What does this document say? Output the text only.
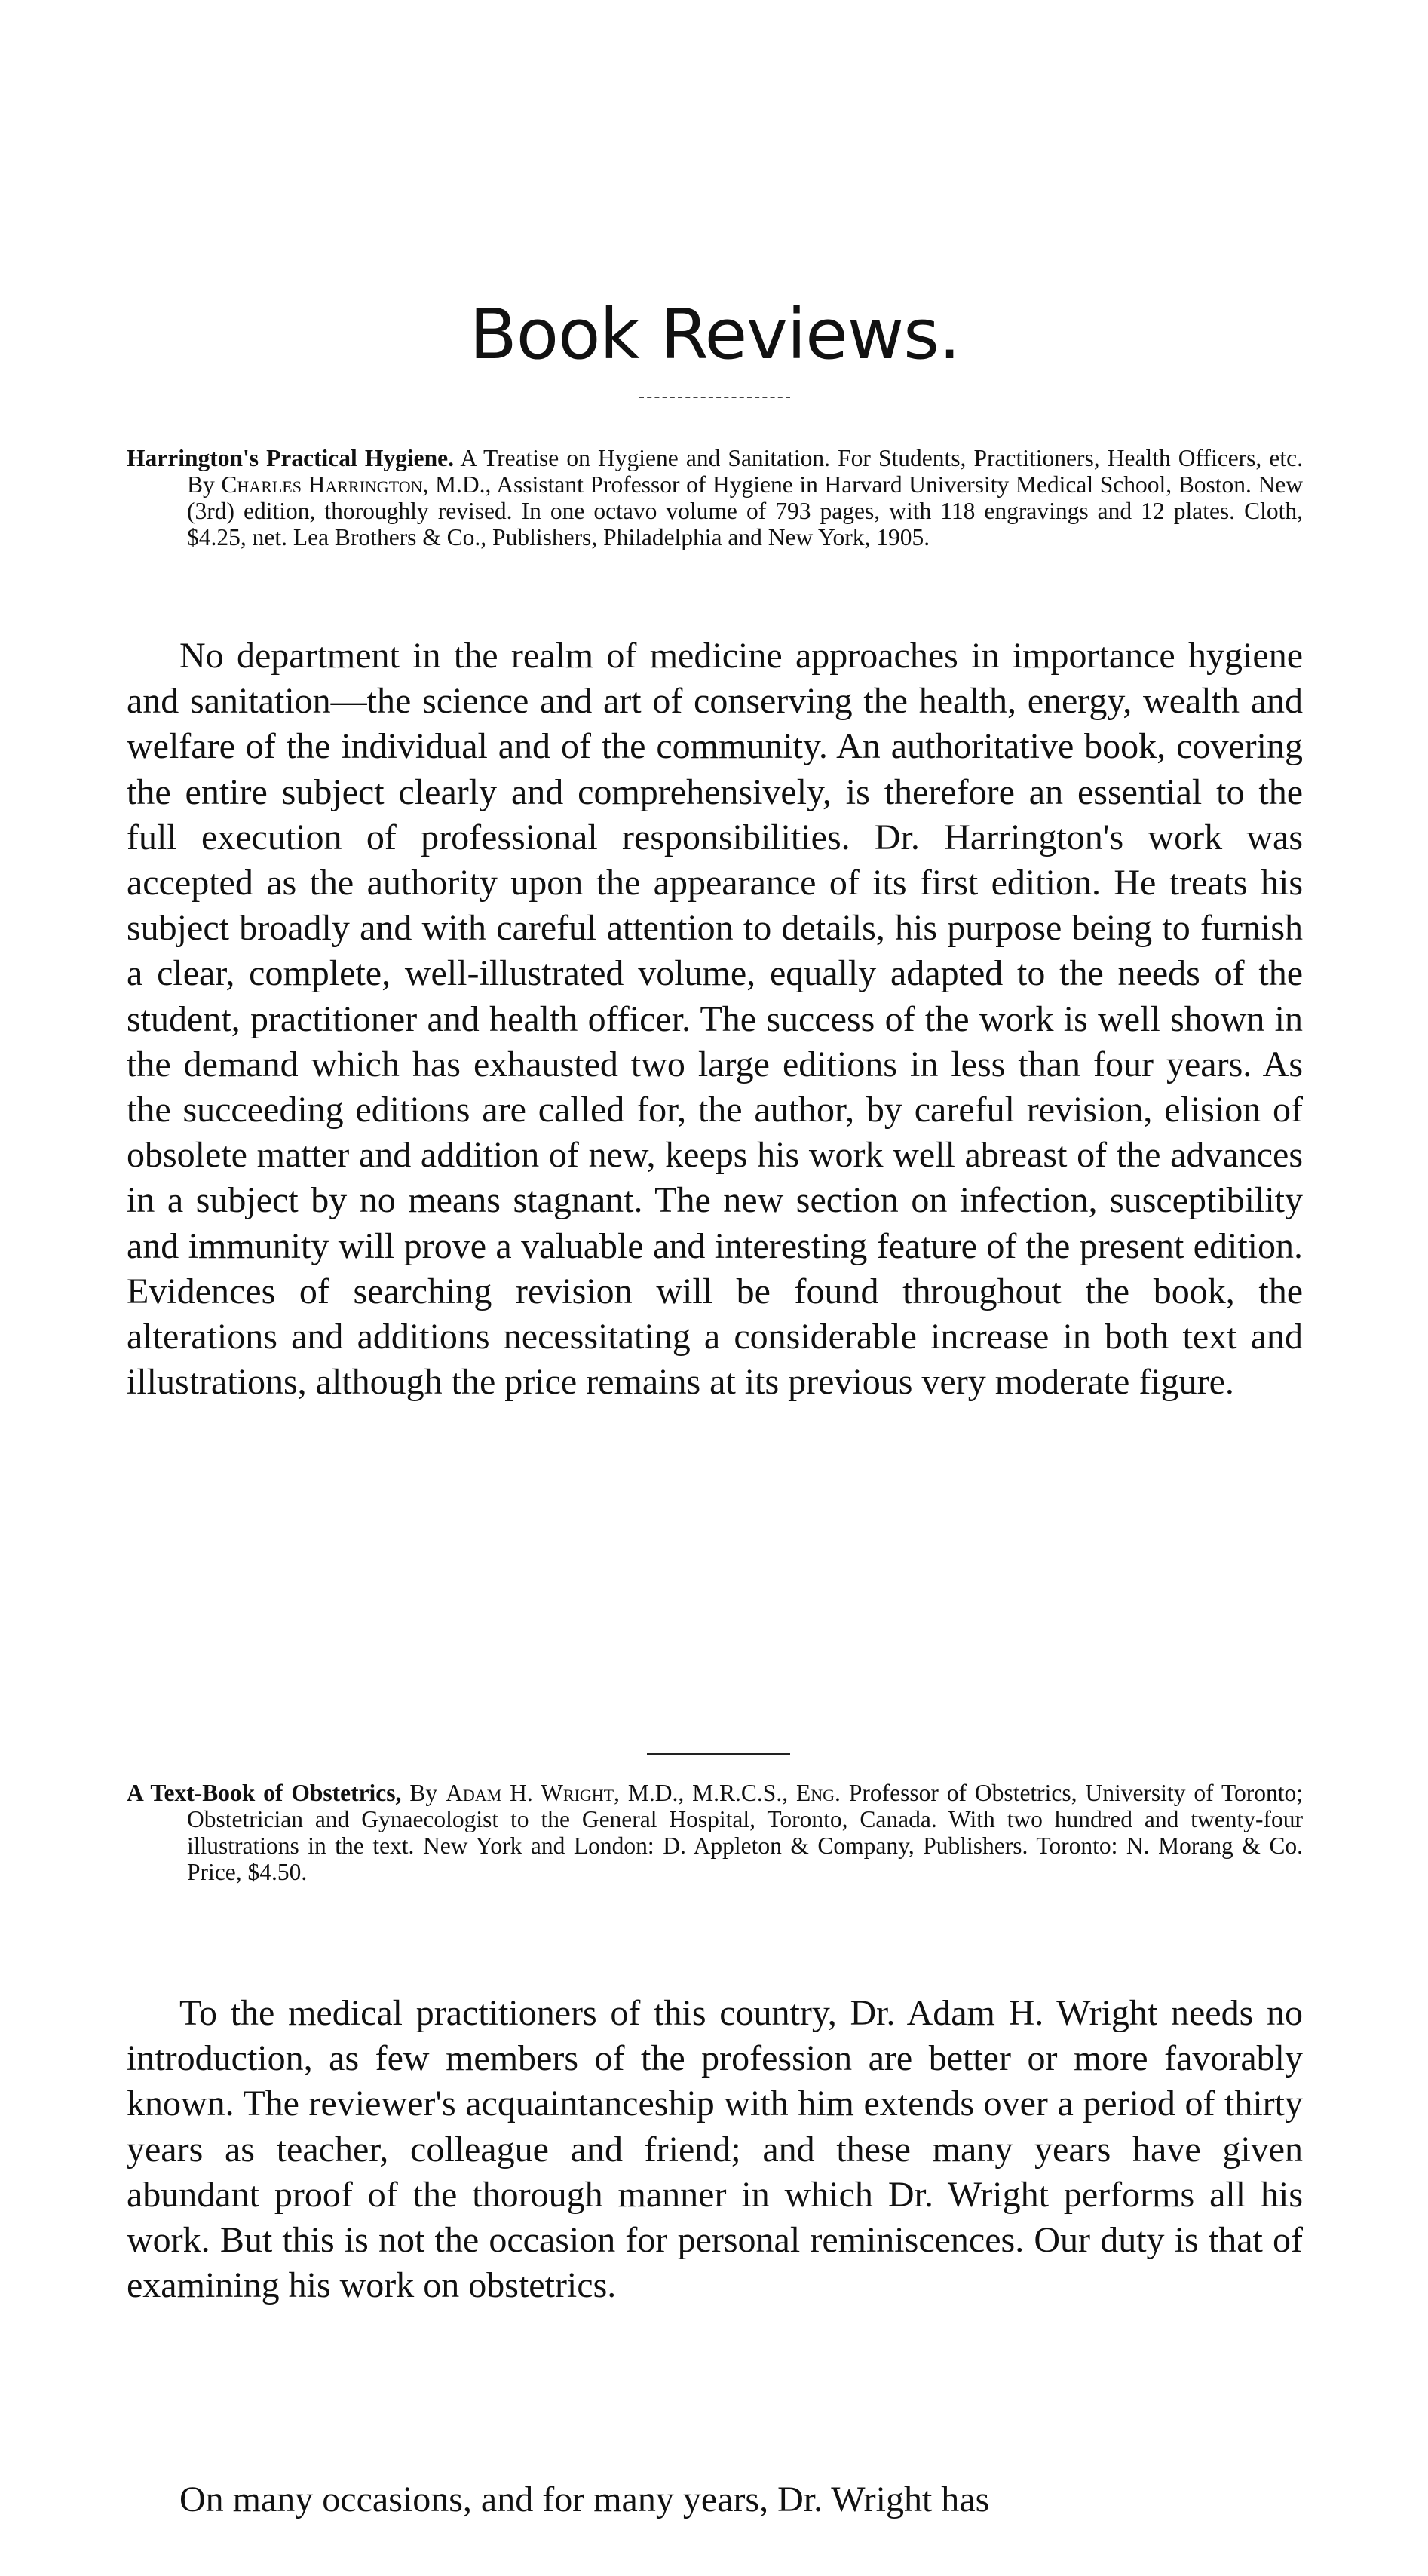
Book Reviews.

Harrington's Practical Hygiene. A Treatise on Hygiene and Sanitation. For Students, Practitioners, Health Officers, etc. By Charles Harrington, M.D., Assistant Professor of Hygiene in Harvard University Medical School, Boston. New (3rd) edition, thoroughly revised. In one octavo volume of 793 pages, with 118 engravings and 12 plates. Cloth, $4.25, net. Lea Brothers & Co., Publishers, Philadelphia and New York, 1905.

No department in the realm of medicine approaches in importance hygiene and sanitation—the science and art of conserving the health, energy, wealth and welfare of the individual and of the community. An authoritative book, covering the entire subject clearly and comprehensively, is therefore an essential to the full execution of professional responsibilities. Dr. Harrington's work was accepted as the authority upon the appearance of its first edition. He treats his subject broadly and with careful attention to details, his purpose being to furnish a clear, complete, well-illustrated volume, equally adapted to the needs of the student, practitioner and health officer. The success of the work is well shown in the demand which has exhausted two large editions in less than four years. As the succeeding editions are called for, the author, by careful revision, elision of obsolete matter and addition of new, keeps his work well abreast of the advances in a subject by no means stagnant. The new section on infection, susceptibility and immunity will prove a valuable and interesting feature of the present edition. Evidences of searching revision will be found throughout the book, the alterations and additions necessitating a considerable increase in both text and illustrations, although the price remains at its previous very moderate figure.

A Text-Book of Obstetrics, By Adam H. Wright, M.D., M.R.C.S., Eng. Professor of Obstetrics, University of Toronto; Obstetrician and Gynaecologist to the General Hospital, Toronto, Canada. With two hundred and twenty-four illustrations in the text. New York and London: D. Appleton & Company, Publishers. Toronto: N. Morang & Co. Price, $4.50.

To the medical practitioners of this country, Dr. Adam H. Wright needs no introduction, as few members of the profession are better or more favorably known. The reviewer's acquaintanceship with him extends over a period of thirty years as teacher, colleague and friend; and these many years have given abundant proof of the thorough manner in which Dr. Wright performs all his work. But this is not the occasion for personal reminiscences. Our duty is that of examining his work on obstetrics.

On many occasions, and for many years, Dr. Wright has
